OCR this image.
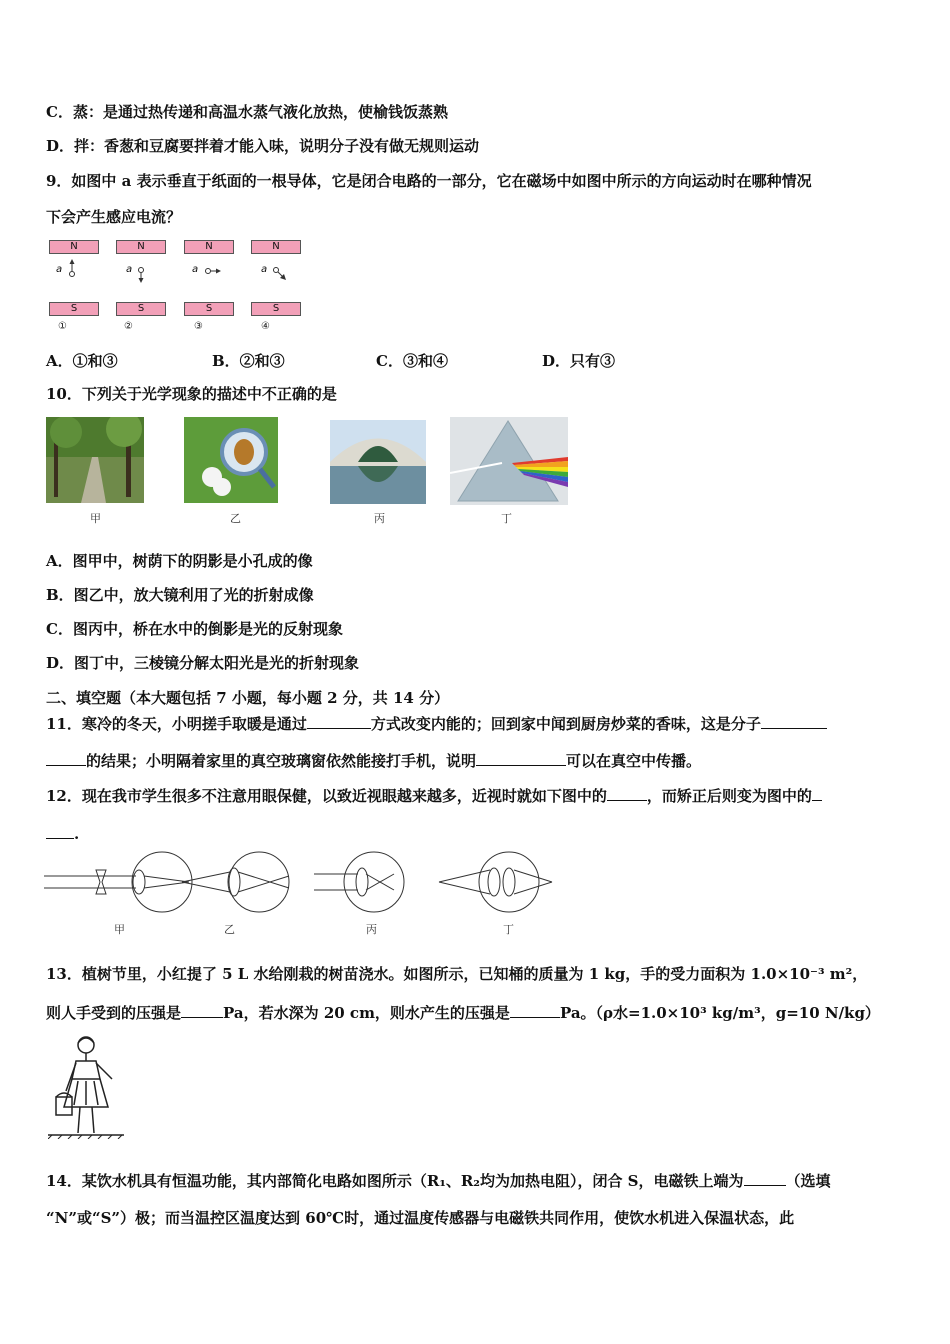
C．蒸：是通过热传递和高温水蒸气液化放热，使榆钱饭蒸熟
D．拌：香葱和豆腐要拌着才能入味，说明分子没有做无规则运动
9．如图中 a 表示垂直于纸面的一根导体，它是闭合电路的一部分，它在磁场中如图中所示的方向运动时在哪种情况
下会产生感应电流？
N	N	N	N
a	a	a	a
S	S	S	S
①	②	③	④
A．①和③	B．②和③	C．③和④	D．只有③
10．下列关于光学现象的描述中不正确的是
甲	乙	丙	丁
A．图甲中，树荫下的阴影是小孔成的像
B．图乙中，放大镜利用了光的折射成像
C．图丙中，桥在水中的倒影是光的反射现象
D．图丁中，三棱镜分解太阳光是光的折射现象
二、填空题（本大题包括 7 小题，每小题 2 分，共 14 分）
11．寒冷的冬天，小明搓手取暖是通过	方式改变内能的；回到家中闻到厨房炒菜的香味，这是分子
的结果；小明隔着家里的真空玻璃窗依然能接打手机，说明	可以在真空中传播。
12．现在我市学生很多不注意用眼保健，以致近视眼越来越多，近视时就如下图中的	，而矫正后则变为图中的
.
甲	乙	丙	丁
13．植树节里，小红提了 5 L 水给刚栽的树苗浇水。如图所示，已知桶的质量为 1 kg，手的受力面积为 1.0×10⁻³ m²，
则人手受到的压强是	Pa，若水深为 20 cm，则水产生的压强是	Pa。（ρ水=1.0×10³ kg/m³，g=10 N/kg）
14．某饮水机具有恒温功能，其内部简化电路如图所示（R₁、R₂均为加热电阻），闭合 S，电磁铁上端为	（选填
“N”或“S”）极；而当温控区温度达到 60℃时，通过温度传感器与电磁铁共同作用，使饮水机进入保温状态，此
